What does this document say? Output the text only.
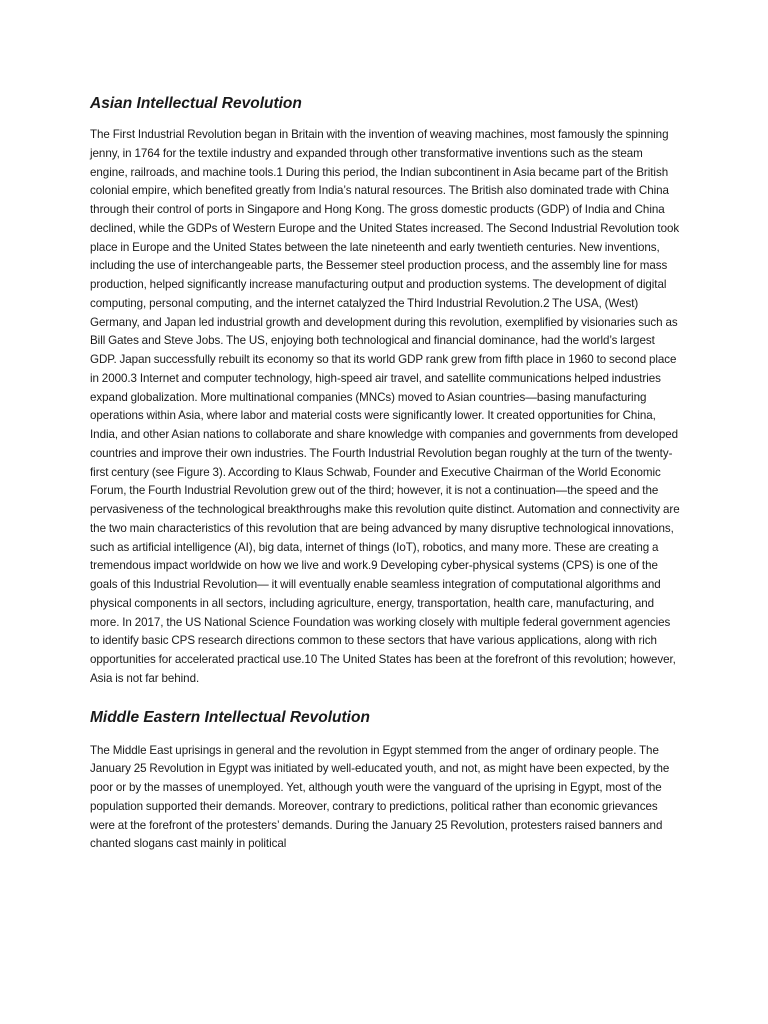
Asian Intellectual Revolution

The First Industrial Revolution began in Britain with the invention of weaving machines, most famously the spinning jenny, in 1764 for the textile industry and expanded through other transformative inventions such as the steam engine, railroads, and machine tools.1 During this period, the Indian subcontinent in Asia became part of the British colonial empire, which benefited greatly from India’s natural resources. The British also dominated trade with China through their control of ports in Singapore and Hong Kong. The gross domestic products (GDP) of India and China declined, while the GDPs of Western Europe and the United States increased. The Second Industrial Revolution took place in Europe and the United States between the late nineteenth and early twentieth centuries. New inventions, including the use of interchangeable parts, the Bessemer steel production process, and the assembly line for mass production, helped significantly increase manufacturing output and production systems. The development of digital computing, personal computing, and the internet catalyzed the Third Industrial Revolution.2 The USA, (West) Germany, and Japan led industrial growth and development during this revolution, exemplified by visionaries such as Bill Gates and Steve Jobs. The US, enjoying both technological and financial dominance, had the world’s largest GDP. Japan successfully rebuilt its economy so that its world GDP rank grew from fifth place in 1960 to second place in 2000.3 Internet and computer technology, high-speed air travel, and satellite communications helped industries expand globalization. More multinational companies (MNCs) moved to Asian countries—basing manufacturing operations within Asia, where labor and material costs were significantly lower. It created opportunities for China, India, and other Asian nations to collaborate and share knowledge with companies and governments from developed countries and improve their own industries. The Fourth Industrial Revolution began roughly at the turn of the twenty- first century (see Figure 3). According to Klaus Schwab, Founder and Executive Chairman of the World Economic Forum, the Fourth Industrial Revolution grew out of the third; however, it is not a continuation—the speed and the pervasiveness of the technological breakthroughs make this revolution quite distinct. Automation and connectivity are the two main characteristics of this revolution that are being advanced by many disruptive technological innovations, such as artificial intelligence (AI), big data, internet of things (IoT), robotics, and many more. These are creating a tremendous impact worldwide on how we live and work.9 Developing cyber-physical systems (CPS) is one of the goals of this Industrial Revolution— it will eventually enable seamless integration of computational algorithms and physical components in all sectors, including agriculture, energy, transportation, health care, manufacturing, and more. In 2017, the US National Science Foundation was working closely with multiple federal government agencies to identify basic CPS research directions common to these sectors that have various applications, along with rich opportunities for accelerated practical use.10 The United States has been at the forefront of this revolution; however, Asia is not far behind.

Middle Eastern Intellectual Revolution

The Middle East uprisings in general and the revolution in Egypt stemmed from the anger of ordinary people. The January 25 Revolution in Egypt was initiated by well-educated youth, and not, as might have been expected, by the poor or by the masses of unemployed. Yet, although youth were the vanguard of the uprising in Egypt, most of the population supported their demands. Moreover, contrary to predictions, political rather than economic grievances were at the forefront of the protesters’ demands. During the January 25 Revolution, protesters raised banners and chanted slogans cast mainly in political
